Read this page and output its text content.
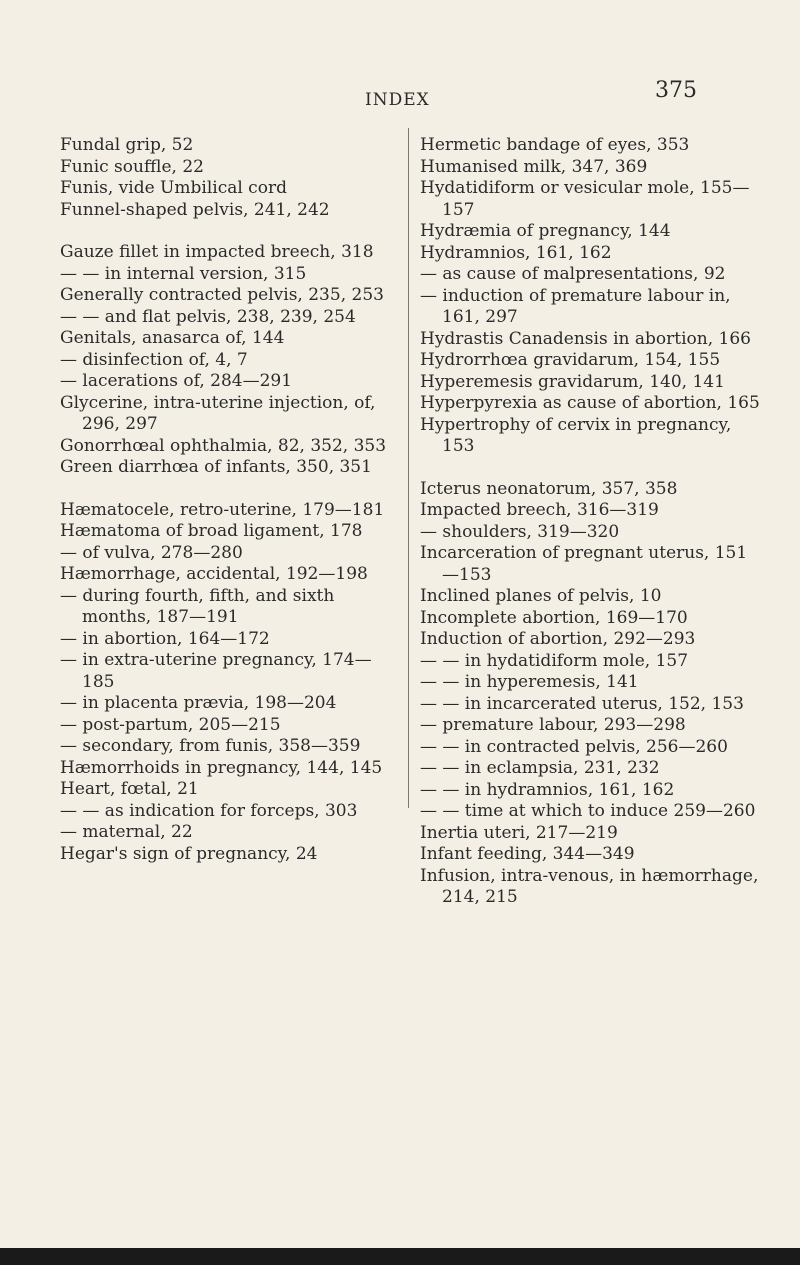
INDEX	375
Fundal grip, 52
Funic souffle, 22
Funis, vide Umbilical cord
Funnel-shaped pelvis, 241, 242
Gauze fillet in impacted breech, 318
— — in internal version, 315
Generally contracted pelvis, 235, 253
— — and flat pelvis, 238, 239, 254
Genitals, anasarca of, 144
— disinfection of, 4, 7
— lacerations of, 284—291
Glycerine, intra-uterine injection, of, 296, 297
Gonorrhœal ophthalmia, 82, 352, 353
Green diarrhœa of infants, 350, 351
Hæmatocele, retro-uterine, 179—181
Hæmatoma of broad ligament, 178
— of vulva, 278—280
Hæmorrhage, accidental, 192—198
— during fourth, fifth, and sixth months, 187—191
— in abortion, 164—172
— in extra-uterine pregnancy, 174—185
— in placenta prævia, 198—204
— post-partum, 205—215
— secondary, from funis, 358—359
Hæmorrhoids in pregnancy, 144, 145
Heart, fœtal, 21
— — as indication for forceps, 303
— maternal, 22
Hegar's sign of pregnancy, 24
Hermetic bandage of eyes, 353
Humanised milk, 347, 369
Hydatidiform or vesicular mole, 155—157
Hydræmia of pregnancy, 144
Hydramnios, 161, 162
— as cause of malpresentations, 92
— induction of premature labour in, 161, 297
Hydrastis Canadensis in abortion, 166
Hydrorrhœa gravidarum, 154, 155
Hyperemesis gravidarum, 140, 141
Hyperpyrexia as cause of abortion, 165
Hypertrophy of cervix in pregnancy, 153
Icterus neonatorum, 357, 358
Impacted breech, 316—319
— shoulders, 319—320
Incarceration of pregnant uterus, 151—153
Inclined planes of pelvis, 10
Incomplete abortion, 169—170
Induction of abortion, 292—293
— — in hydatidiform mole, 157
— — in hyperemesis, 141
— — in incarcerated uterus, 152, 153
— premature labour, 293—298
— — in contracted pelvis, 256—260
— — in eclampsia, 231, 232
— — in hydramnios, 161, 162
— — time at which to induce 259—260
Inertia uteri, 217—219
Infant feeding, 344—349
Infusion, intra-venous, in hæmorrhage, 214, 215
